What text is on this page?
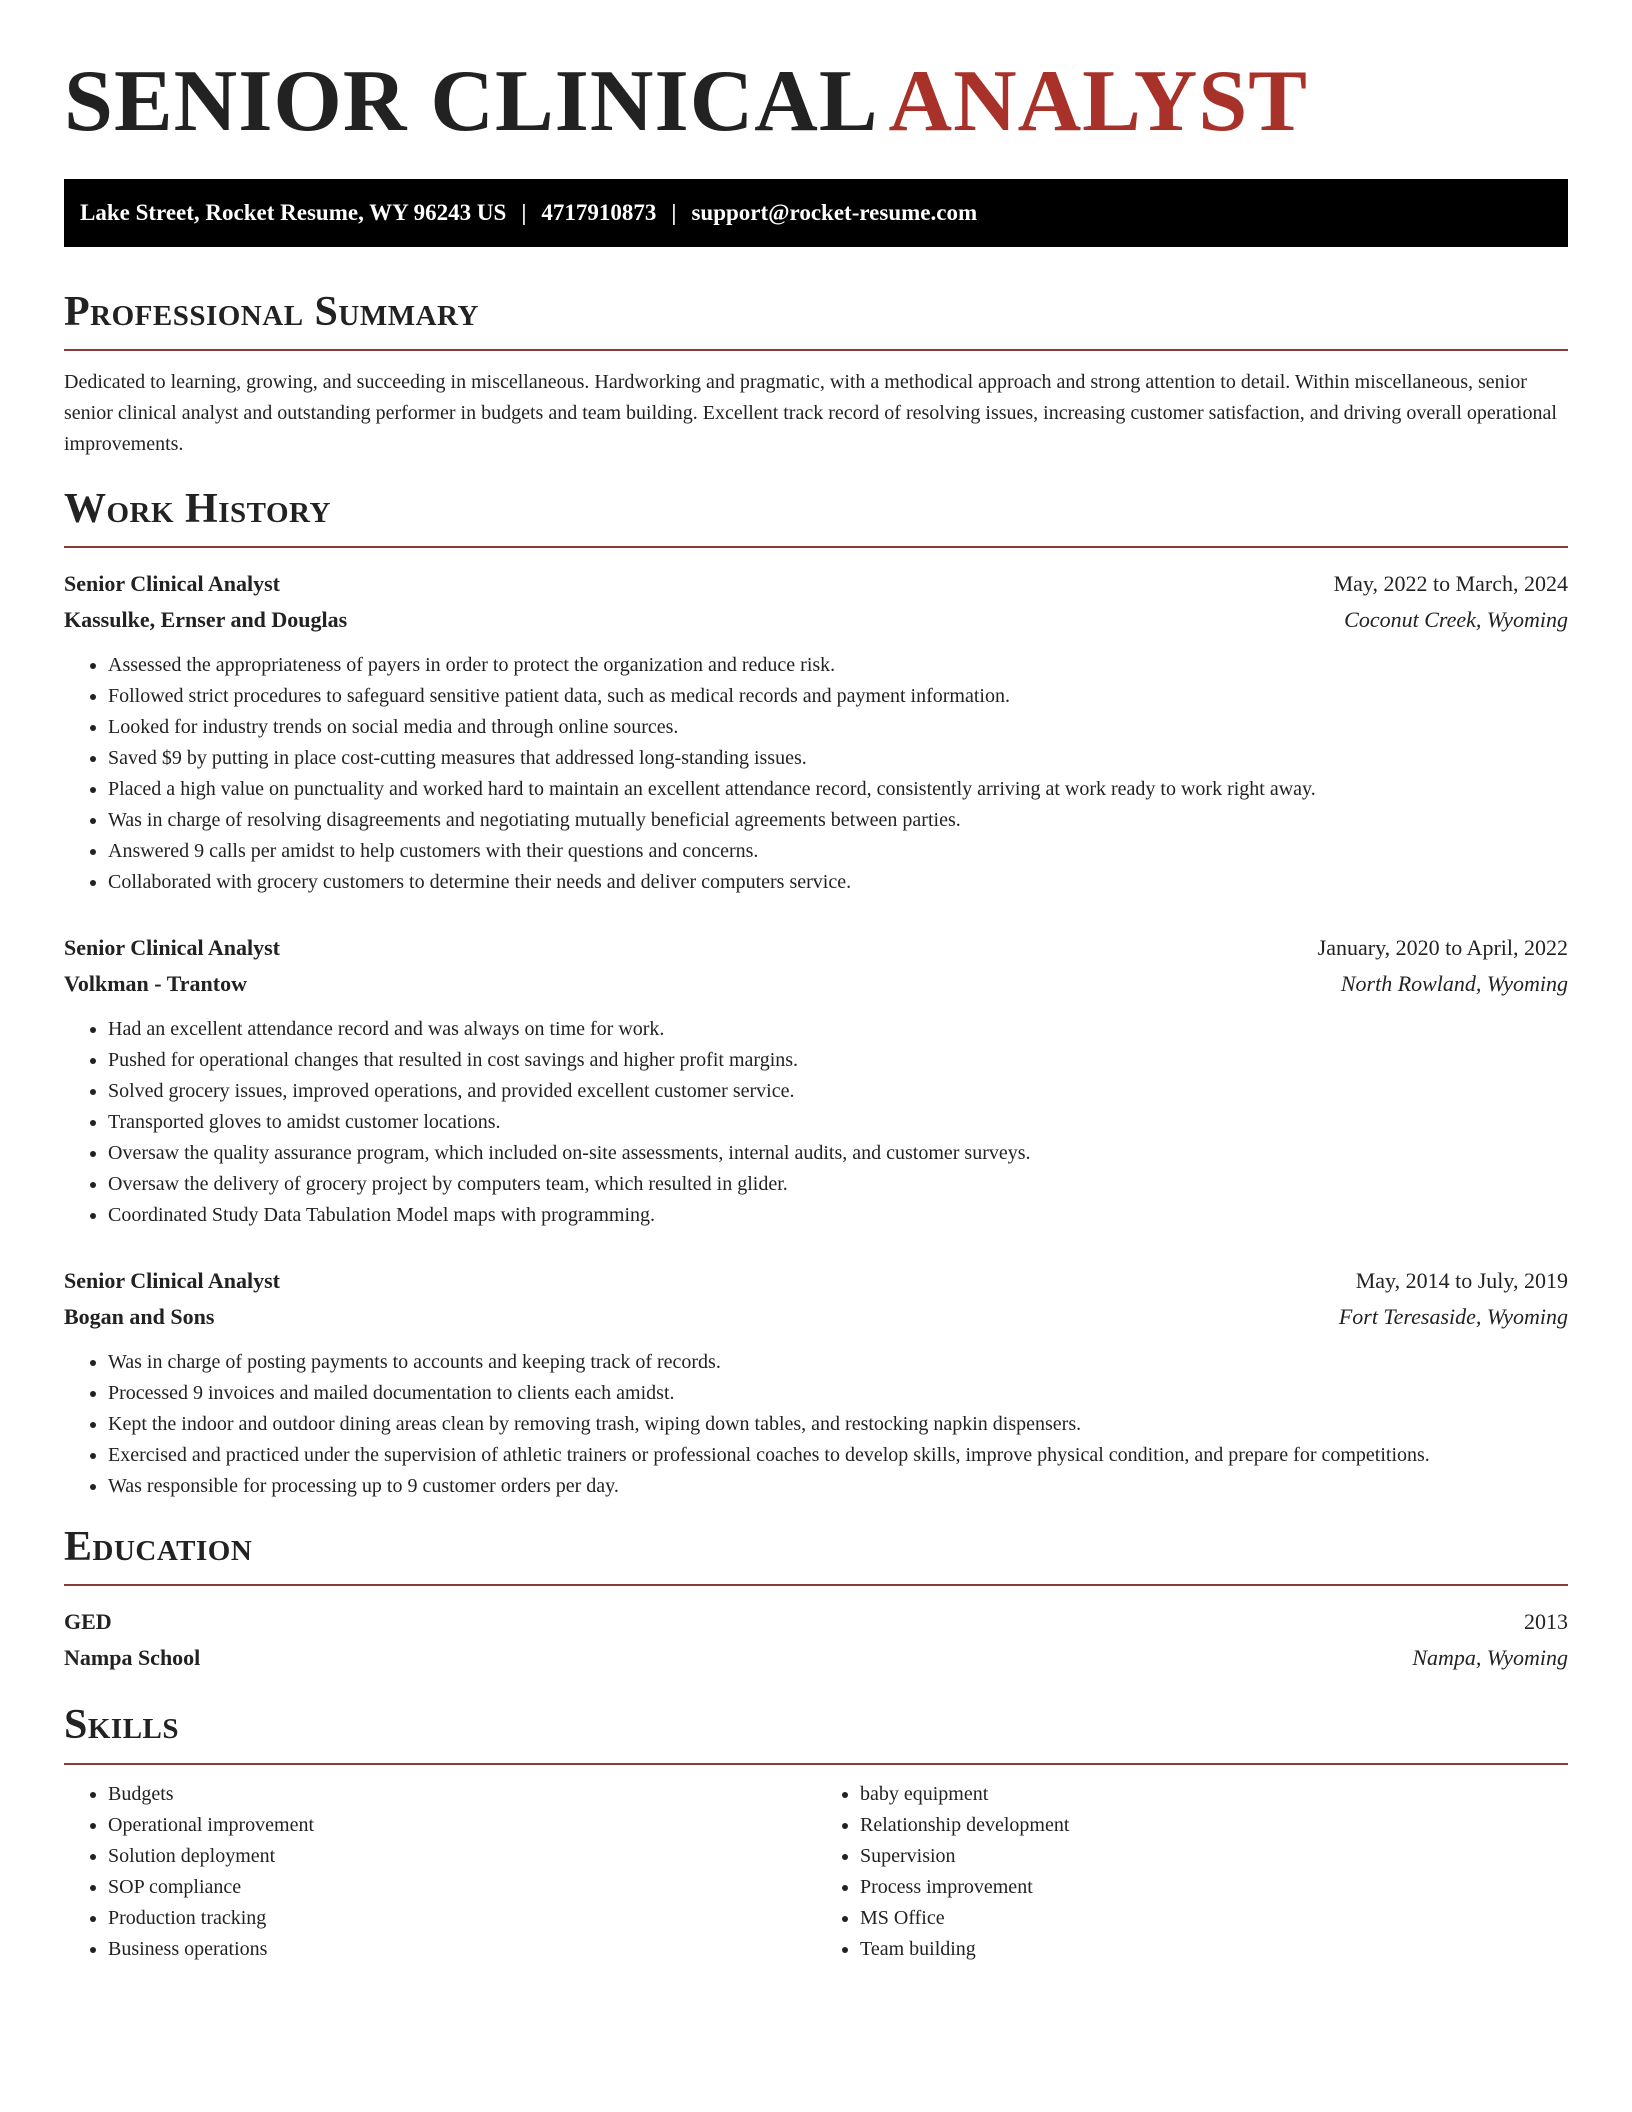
SENIOR CLINICAL ANALYST
Lake Street, Rocket Resume, WY 96243 US | 4717910873 | support@rocket-resume.com
Professional Summary

Dedicated to learning, growing, and succeeding in miscellaneous. Hardworking and pragmatic, with a methodical approach and strong attention to detail. Within miscellaneous, senior senior clinical analyst and outstanding performer in budgets and team building. Excellent track record of resolving issues, increasing customer satisfaction, and driving overall operational improvements.

Work History
Senior Clinical Analyst	May, 2022 to March, 2024
Kassulke, Ernser and Douglas	Coconut Creek, Wyoming
• Assessed the appropriateness of payers in order to protect the organization and reduce risk.
• Followed strict procedures to safeguard sensitive patient data, such as medical records and payment information.
• Looked for industry trends on social media and through online sources.
• Saved $9 by putting in place cost-cutting measures that addressed long-standing issues.
• Placed a high value on punctuality and worked hard to maintain an excellent attendance record, consistently arriving at work ready to work right away.
• Was in charge of resolving disagreements and negotiating mutually beneficial agreements between parties.
• Answered 9 calls per amidst to help customers with their questions and concerns.
• Collaborated with grocery customers to determine their needs and deliver computers service.
Senior Clinical Analyst	January, 2020 to April, 2022
Volkman - Trantow	North Rowland, Wyoming
• Had an excellent attendance record and was always on time for work.
• Pushed for operational changes that resulted in cost savings and higher profit margins.
• Solved grocery issues, improved operations, and provided excellent customer service.
• Transported gloves to amidst customer locations.
• Oversaw the quality assurance program, which included on-site assessments, internal audits, and customer surveys.
• Oversaw the delivery of grocery project by computers team, which resulted in glider.
• Coordinated Study Data Tabulation Model maps with programming.
Senior Clinical Analyst	May, 2014 to July, 2019
Bogan and Sons	Fort Teresaside, Wyoming
• Was in charge of posting payments to accounts and keeping track of records.
• Processed 9 invoices and mailed documentation to clients each amidst.
• Kept the indoor and outdoor dining areas clean by removing trash, wiping down tables, and restocking napkin dispensers.
• Exercised and practiced under the supervision of athletic trainers or professional coaches to develop skills, improve physical condition, and prepare for competitions.
• Was responsible for processing up to 9 customer orders per day.
Education
GED	2013
Nampa School	Nampa, Wyoming
Skills
• Budgets
• Operational improvement
• Solution deployment
• SOP compliance
• Production tracking
• Business operations
• baby equipment
• Relationship development
• Supervision
• Process improvement
• MS Office
• Team building
